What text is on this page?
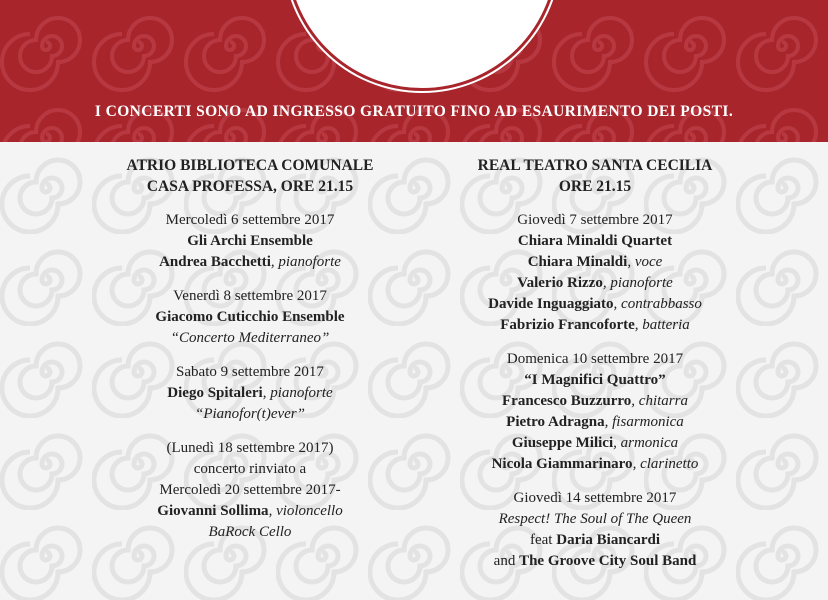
I CONCERTI SONO AD INGRESSO GRATUITO FINO AD ESAURIMENTO DEI POSTI.
ATRIO BIBLIOTECA COMUNALE
CASA PROFESSA, ORE 21.15
Mercoledì 6 settembre 2017
Gli Archi Ensemble
Andrea Bacchetti, pianoforte
Venerdì 8 settembre 2017
Giacomo Cuticchio Ensemble
“Concerto Mediterraneo”
Sabato 9 settembre 2017
Diego Spitaleri, pianoforte
“Pianofor(t)ever”
(Lunedì 18 settembre 2017)
concerto rinviato a
Mercoledì 20 settembre 2017-
Giovanni Sollima, violoncello
BaRock Cello
REAL TEATRO SANTA CECILIA
ORE 21.15
Giovedì 7 settembre 2017
Chiara Minaldi Quartet
Chiara Minaldi, voce
Valerio Rizzo, pianoforte
Davide Inguaggiato, contrabbasso
Fabrizio Francoforte, batteria
Domenica 10 settembre 2017
“I Magnifici Quattro”
Francesco Buzzurro, chitarra
Pietro Adragna, fisarmonica
Giuseppe Milici, armonica
Nicola Giammarinaro, clarinetto
Giovedì 14 settembre 2017
Respect! The Soul of The Queen
feat Daria Biancardi
and The Groove City Soul Band
